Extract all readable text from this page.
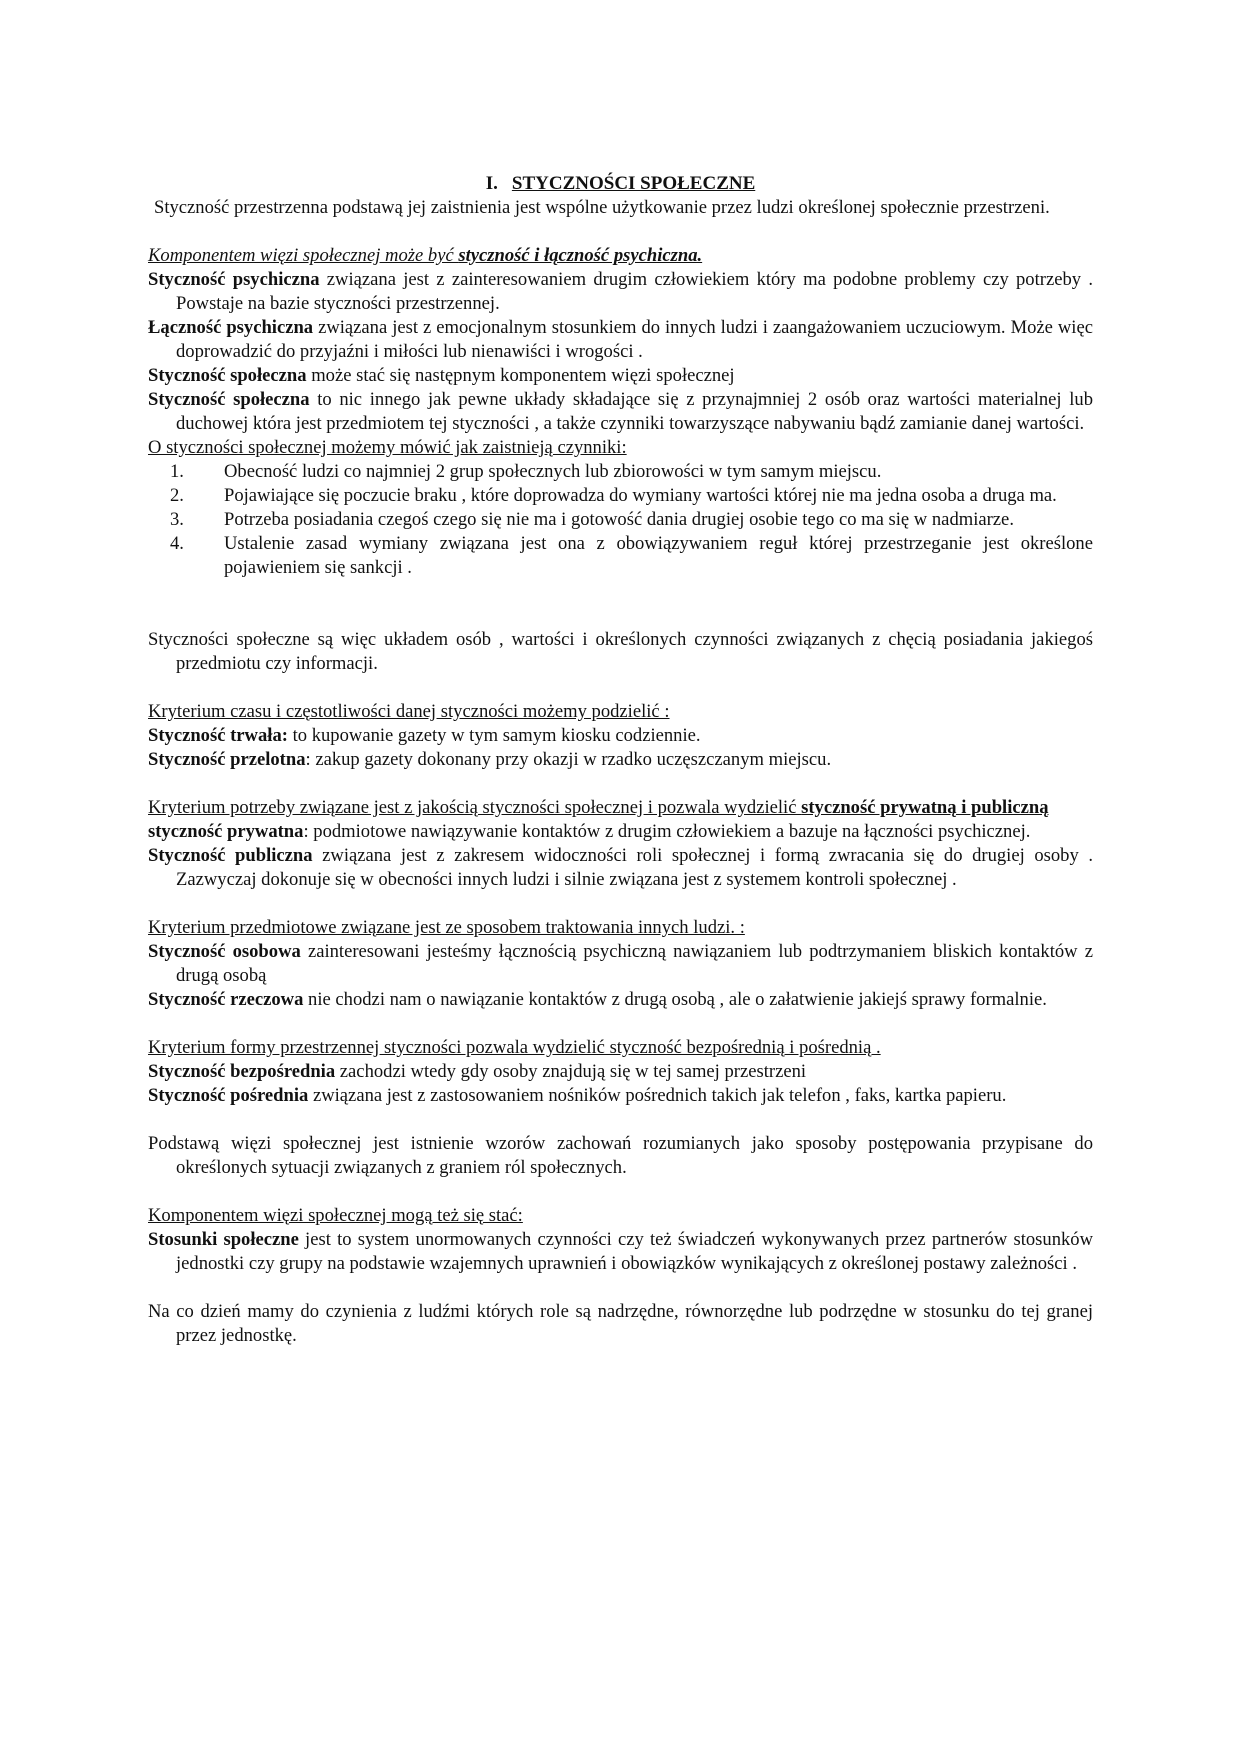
I. STYCZNOŚCI SPOŁECZNE

Styczność przestrzenna podstawą jej zaistnienia jest wspólne użytkowanie przez ludzi określonej społecznie przestrzeni.

Komponentem więzi społecznej może być styczność i łączność psychiczna.

Styczność psychiczna związana jest z zainteresowaniem drugim człowiekiem który ma podobne problemy czy potrzeby . Powstaje na bazie styczności przestrzennej.

Łączność psychiczna związana jest z emocjonalnym stosunkiem do innych ludzi i zaangażowaniem uczuciowym. Może więc doprowadzić do przyjaźni i miłości lub nienawiści i wrogości .

Styczność społeczna może stać się następnym komponentem więzi społecznej

Styczność społeczna to nic innego jak pewne układy składające się z przynajmniej 2 osób oraz wartości materialnej lub duchowej która jest przedmiotem tej styczności , a także czynniki towarzyszące nabywaniu bądź zamianie danej wartości.

O styczności społecznej możemy mówić jak zaistnieją czynniki:

1. Obecność ludzi co najmniej 2 grup społecznych lub zbiorowości w tym samym miejscu.
2. Pojawiające się poczucie braku , które doprowadza do wymiany wartości której nie ma jedna osoba a druga ma.
3. Potrzeba posiadania czegoś czego się nie ma i gotowość dania drugiej osobie tego co ma się w nadmiarze.
4. Ustalenie zasad wymiany związana jest ona z obowiązywaniem reguł której przestrzeganie jest określone pojawieniem się sankcji .

Styczności społeczne są więc układem osób , wartości i określonych czynności związanych z chęcią posiadania jakiegoś przedmiotu czy informacji.

Kryterium czasu i częstotliwości danej styczności możemy podzielić :

Styczność trwała: to kupowanie gazety w tym samym kiosku codziennie.

Styczność przelotna: zakup gazety dokonany przy okazji w rzadko uczęszczanym miejscu.

Kryterium potrzeby związane jest z jakością styczności społecznej i pozwala wydzielić styczność prywatną i publiczną

styczność prywatna: podmiotowe nawiązywanie kontaktów z drugim człowiekiem a bazuje na łączności psychicznej.

Styczność publiczna związana jest z zakresem widoczności roli społecznej i formą zwracania się do drugiej osoby . Zazwyczaj dokonuje się w obecności innych ludzi i silnie związana jest z systemem kontroli społecznej .

Kryterium przedmiotowe związane jest ze sposobem traktowania innych ludzi. :

Styczność osobowa zainteresowani jesteśmy łącznością psychiczną nawiązaniem lub podtrzymaniem bliskich kontaktów z drugą osobą

Styczność rzeczowa nie chodzi nam o nawiązanie kontaktów z drugą osobą , ale o załatwienie jakiejś sprawy formalnie.

Kryterium formy przestrzennej styczności pozwala wydzielić styczność bezpośrednią i pośrednią .

Styczność bezpośrednia zachodzi wtedy gdy osoby znajdują się w tej samej przestrzeni

Styczność pośrednia związana jest z zastosowaniem nośników pośrednich takich jak telefon , faks, kartka papieru.

Podstawą więzi społecznej jest istnienie wzorów zachowań rozumianych jako sposoby postępowania przypisane do określonych sytuacji związanych z graniem ról społecznych.

Komponentem więzi społecznej mogą też się stać:

Stosunki społeczne jest to system unormowanych czynności czy też świadczeń wykonywanych przez partnerów stosunków jednostki czy grupy na podstawie wzajemnych uprawnień i obowiązków wynikających z określonej postawy zależności .

Na co dzień mamy do czynienia z ludźmi których role są nadrzędne, równorzędne lub podrzędne w stosunku do tej granej przez jednostkę.
